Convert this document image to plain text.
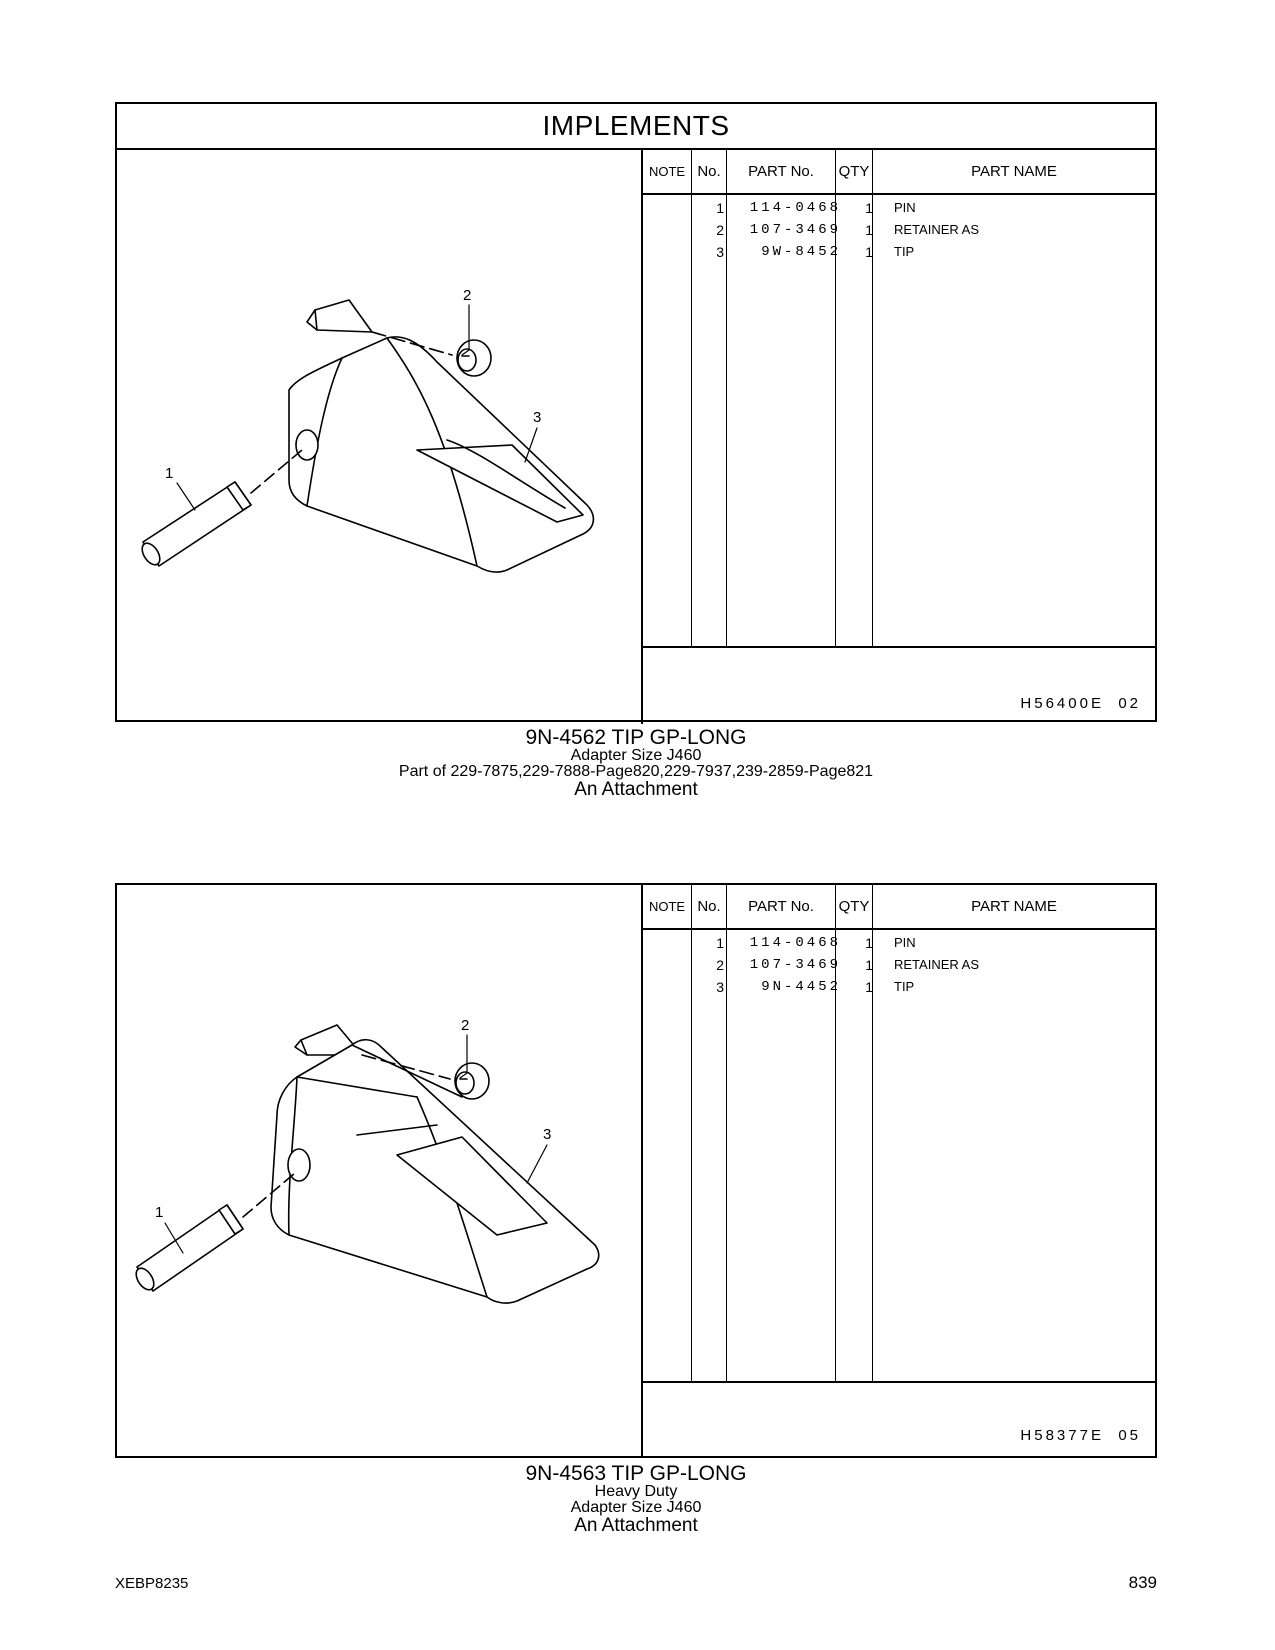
IMPLEMENTS
2
3
1
NOTE No.	PART No.	QTY	PART NAME
1	114-0468	1 PIN
2	107-3469	1 RETAINER AS
3	9W-8452	1 TIP
H56400E 02
9N-4562 TIP GP-LONG
Adapter Size J460
Part of 229-7875,229-7888-Page820,229-7937,239-2859-Page821
An Attachment
2
3
1
NOTE No.	PART No.	QTY	PART NAME
1	114-0468	1 PIN
2	107-3469	1 RETAINER AS
3	9N-4452	1 TIP
H58377E 05
9N-4563 TIP GP-LONG
Heavy Duty
Adapter Size J460
An Attachment
XEBP8235	839
